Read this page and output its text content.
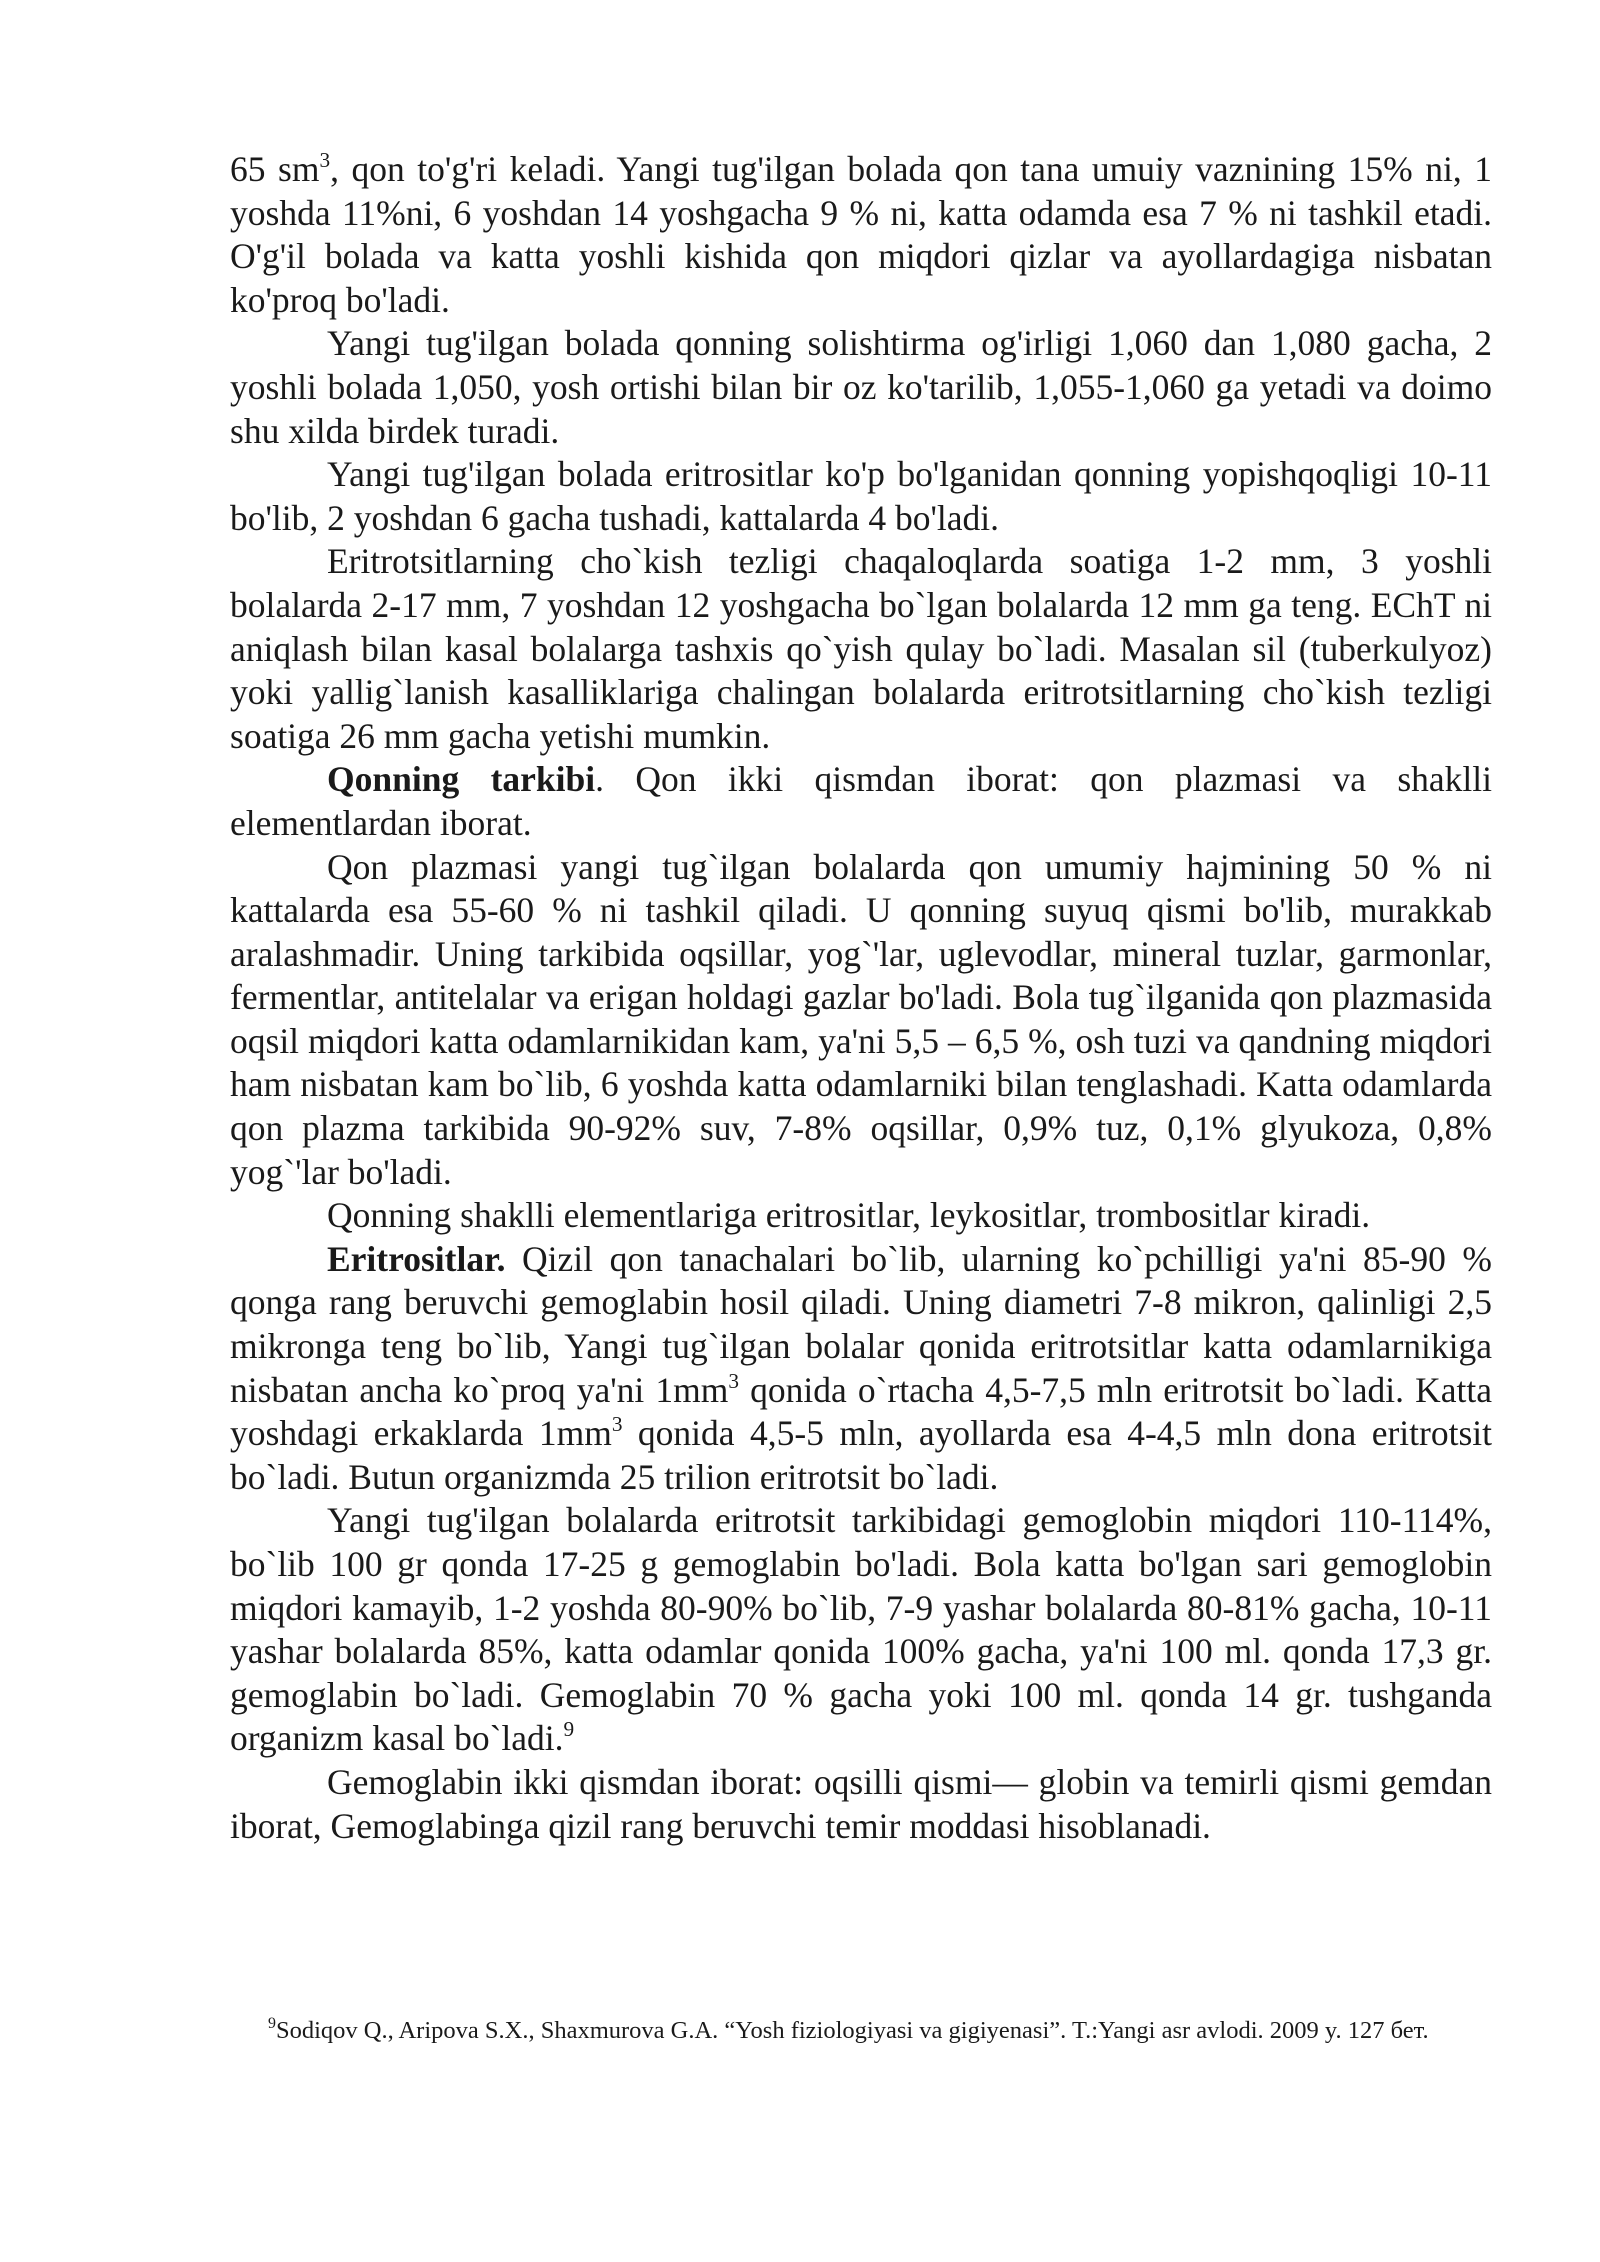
65 $sm^3$, qon to'g'ri keladi. Yangi tug'ilgan bolada qon tana umuiy vaznining 15% ni, 1 yoshda 11%ni, 6 yoshdan 14 yoshgacha 9 % ni, katta odamda esa 7 % ni tashkil etadi. O'g'il bolada va katta yoshli kishida qon miqdori qizlar va ayollardagiga nisbatan ko'proq bo'ladi.

Yangi tug'ilgan bolada qonning solishtirma og'irligi 1,060 dan 1,080 gacha, 2 yoshli bolada 1,050, yosh ortishi bilan bir oz ko'tarilib, 1,055-1,060 ga yetadi va doimo shu xilda birdek turadi.

Yangi tug'ilgan bolada eritrositlar ko'p bo'lganidan qonning yopishqoqligi 10-11 bo'lib, 2 yoshdan 6 gacha tushadi, kattalarda 4 bo'ladi.

Eritrotsitlarning cho`kish tezligi chaqaloqlarda soatiga 1-2 mm, 3 yoshli bolalarda 2-17 mm, 7 yoshdan 12 yoshgacha bo`lgan bolalarda 12 mm ga teng. EChT ni aniqlash bilan kasal bolalarga tashxis qo`yish qulay bo`ladi. Masalan sil (tuberkulyoz) yoki yallig`lanish kasalliklariga chalingan bolalarda eritrotsitlarning cho`kish tezligi soatiga 26 mm gacha yetishi mumkin.

Qonning tarkibi. Qon ikki qismdan iborat: qon plazmasi va shaklli elementlardan iborat.

Qon plazmasi yangi tug`ilgan bolalarda qon umumiy hajmining 50 % ni kattalarda esa 55-60 % ni tashkil qiladi. U qonning suyuq qismi bo'lib, murakkab aralashmadir. Uning tarkibida oqsillar, yog`'lar, uglevodlar, mineral tuzlar, garmonlar, fermentlar, antitelalar va erigan holdagi gazlar bo'ladi. Bola tug`ilganida qon plazmasida oqsil miqdori katta odamlarnikidan kam, ya'ni 5,5 – 6,5 %, osh tuzi va qandning miqdori ham nisbatan kam bo`lib, 6 yoshda katta odamlarniki bilan tenglashadi. Katta odamlarda qon plazma tarkibida 90-92% suv, 7-8% oqsillar, 0,9% tuz, 0,1% glyukoza, 0,8% yog`'lar bo'ladi.

Qonning shaklli elementlariga eritrositlar, leykositlar, trombositlar kiradi.

Eritrositlar. Qizil qon tanachalari bo`lib, ularning ko`pchilligi ya'ni 85-90 % qonga rang beruvchi gemoglabin hosil qiladi. Uning diametri 7-8 mikron, qalinligi 2,5 mikronga teng bo`lib, Yangi tug`ilgan bolalar qonida eritrotsitlar katta odamlarnikiga nisbatan ancha ko`proq ya'ni $1mm^3$ qonida o`rtacha 4,5-7,5 mln eritrotsit bo`ladi. Katta yoshdagi erkaklarda $1mm^3$ qonida 4,5-5 mln, ayollarda esa 4-4,5 mln dona eritrotsit bo`ladi. Butun organizmda 25 trilion eritrotsit bo`ladi.

Yangi tug'ilgan bolalarda eritrotsit tarkibidagi gemoglobin miqdori 110-114%, bo`lib 100 gr qonda 17-25 g gemoglabin bo'ladi. Bola katta bo'lgan sari gemoglobin miqdori kamayib, 1-2 yoshda 80-90% bo`lib, 7-9 yashar bolalarda 80-81% gacha, 10-11 yashar bolalarda 85%, katta odamlar qonida 100% gacha, ya'ni 100 ml. qonda 17,3 gr. gemoglabin bo`ladi. Gemoglabin 70 % gacha yoki 100 ml. qonda 14 gr. tushganda organizm kasal bo`ladi.$^9$

Gemoglabin ikki qismdan iborat: oqsilli qismi— globin va temirli qismi gemdan iborat, Gemoglabinga qizil rang beruvchi temir moddasi hisoblanadi.

$^9$Sodiqov Q., Aripova S.X., Shaxmurova G.A. “Yosh fiziologiyasi va gigiyenasi”. T.:Yangi asr avlodi. 2009 y. 127 бет.
